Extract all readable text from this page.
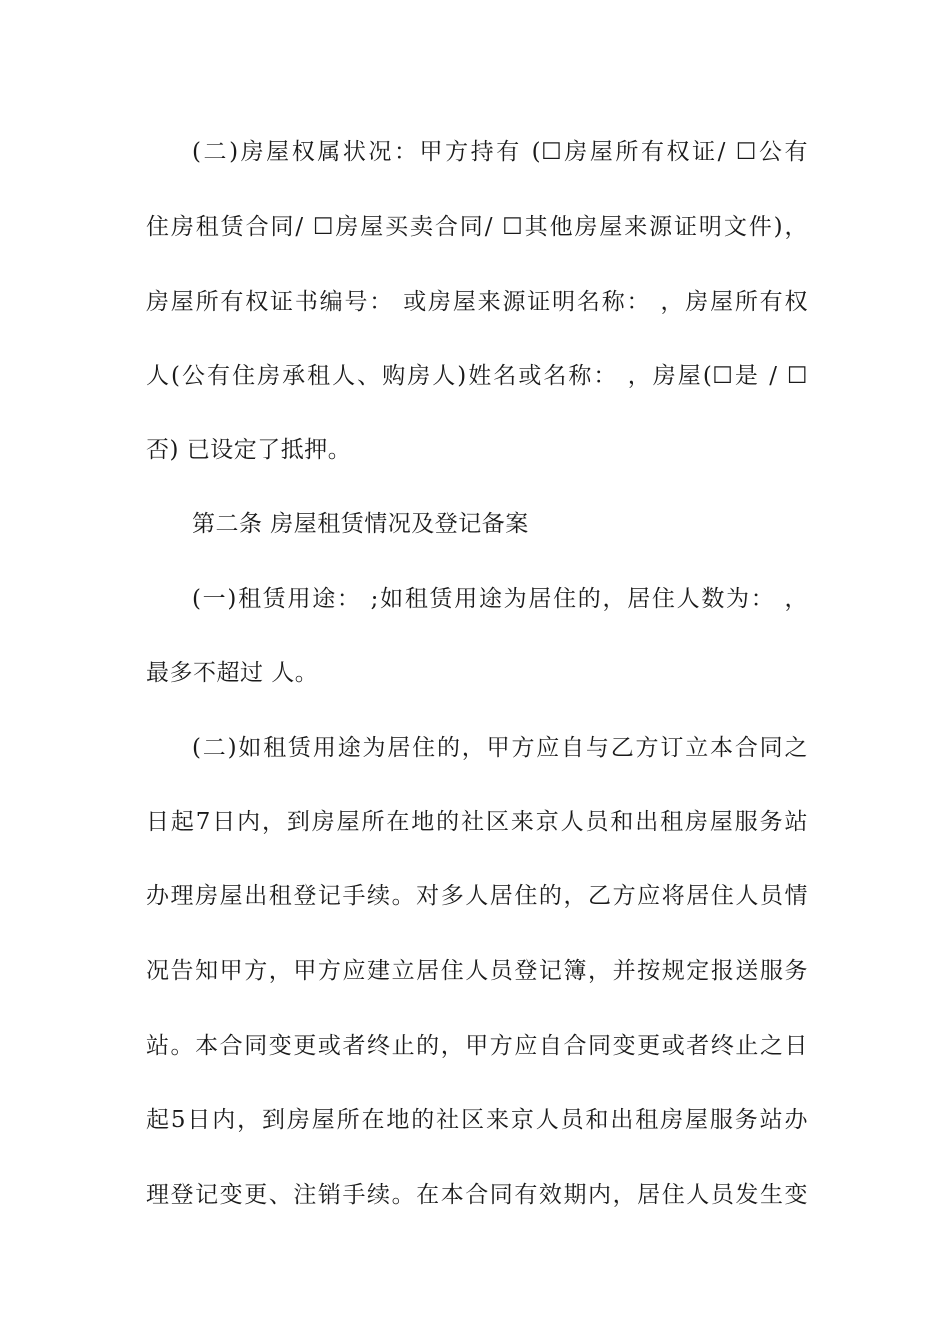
(二)房屋权属状况：甲方持有 (☐房屋所有权证/ ☐公有
住房租赁合同/ ☐房屋买卖合同/ ☐其他房屋来源证明文件)，
房屋所有权证书编号： 或房屋来源证明名称： ，房屋所有权
人(公有住房承租人、购房人)姓名或名称： ，房屋(☐是 / ☐
否) 已设定了抵押。
第二条 房屋租赁情况及登记备案
(一)租赁用途： ;如租赁用途为居住的，居住人数为： ，
最多不超过 人。
(二)如租赁用途为居住的，甲方应自与乙方订立本合同之
日起7日内，到房屋所在地的社区来京人员和出租房屋服务站
办理房屋出租登记手续。对多人居住的，乙方应将居住人员情
况告知甲方，甲方应建立居住人员登记簿，并按规定报送服务
站。本合同变更或者终止的，甲方应自合同变更或者终止之日
起5日内，到房屋所在地的社区来京人员和出租房屋服务站办
理登记变更、注销手续。在本合同有效期内，居住人员发生变
